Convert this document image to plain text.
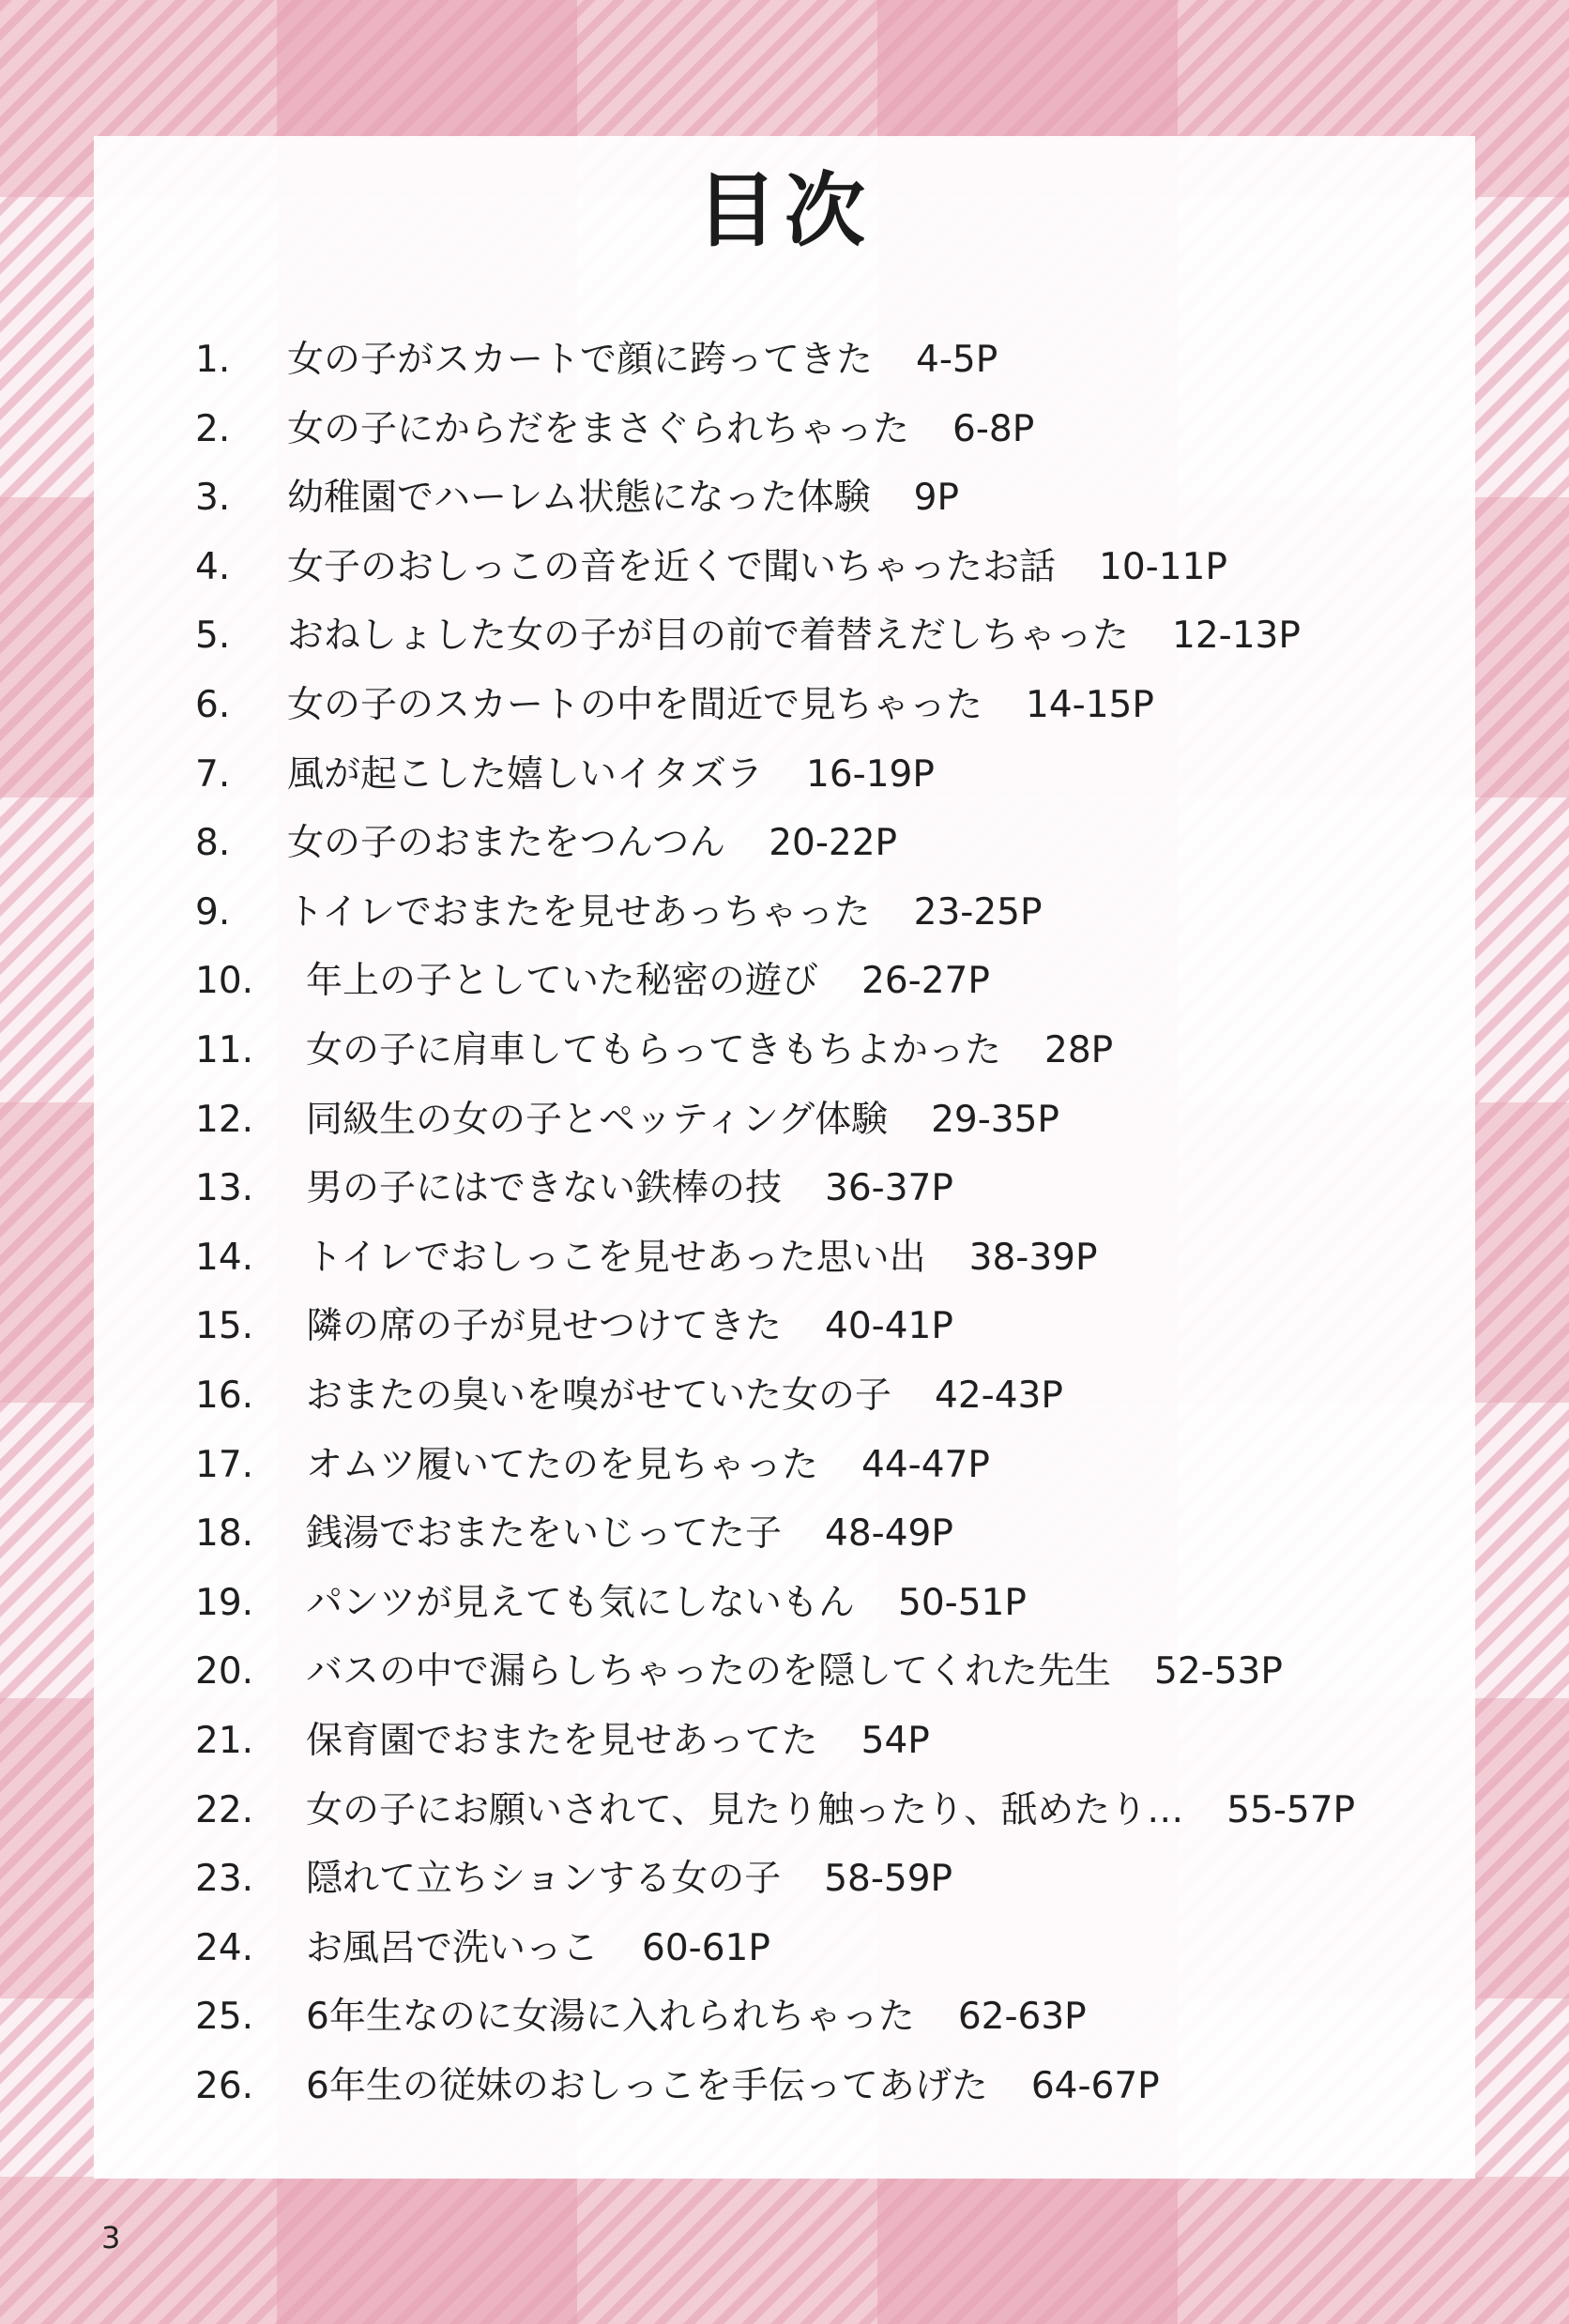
目次
1. 女の子がスカートで顔に跨ってきた 4-5P
2. 女の子にからだをまさぐられちゃった 6-8P
3. 幼稚園でハーレム状態になった体験 9P
4. 女子のおしっこの音を近くで聞いちゃったお話 10-11P
5. おねしょした女の子が目の前で着替えだしちゃった 12-13P
6. 女の子のスカートの中を間近で見ちゃった 14-15P
7. 風が起こした嬉しいイタズラ 16-19P
8. 女の子のおまたをつんつん 20-22P
9. トイレでおまたを見せあっちゃった 23-25P
10. 年上の子としていた秘密の遊び 26-27P
11. 女の子に肩車してもらってきもちよかった 28P
12. 同級生の女の子とペッティング体験 29-35P
13. 男の子にはできない鉄棒の技 36-37P
14. トイレでおしっこを見せあった思い出 38-39P
15. 隣の席の子が見せつけてきた 40-41P
16. おまたの臭いを嗅がせていた女の子 42-43P
17. オムツ履いてたのを見ちゃった 44-47P
18. 銭湯でおまたをいじってた子 48-49P
19. パンツが見えても気にしないもん 50-51P
20. バスの中で漏らしちゃったのを隠してくれた先生 52-53P
21. 保育園でおまたを見せあってた 54P
22. 女の子にお願いされて、見たり触ったり、舐めたり… 55-57P
23. 隠れて立ちションする女の子 58-59P
24. お風呂で洗いっこ 60-61P
25. 6年生なのに女湯に入れられちゃった 62-63P
26. 6年生の従妹のおしっこを手伝ってあげた 64-67P
3
